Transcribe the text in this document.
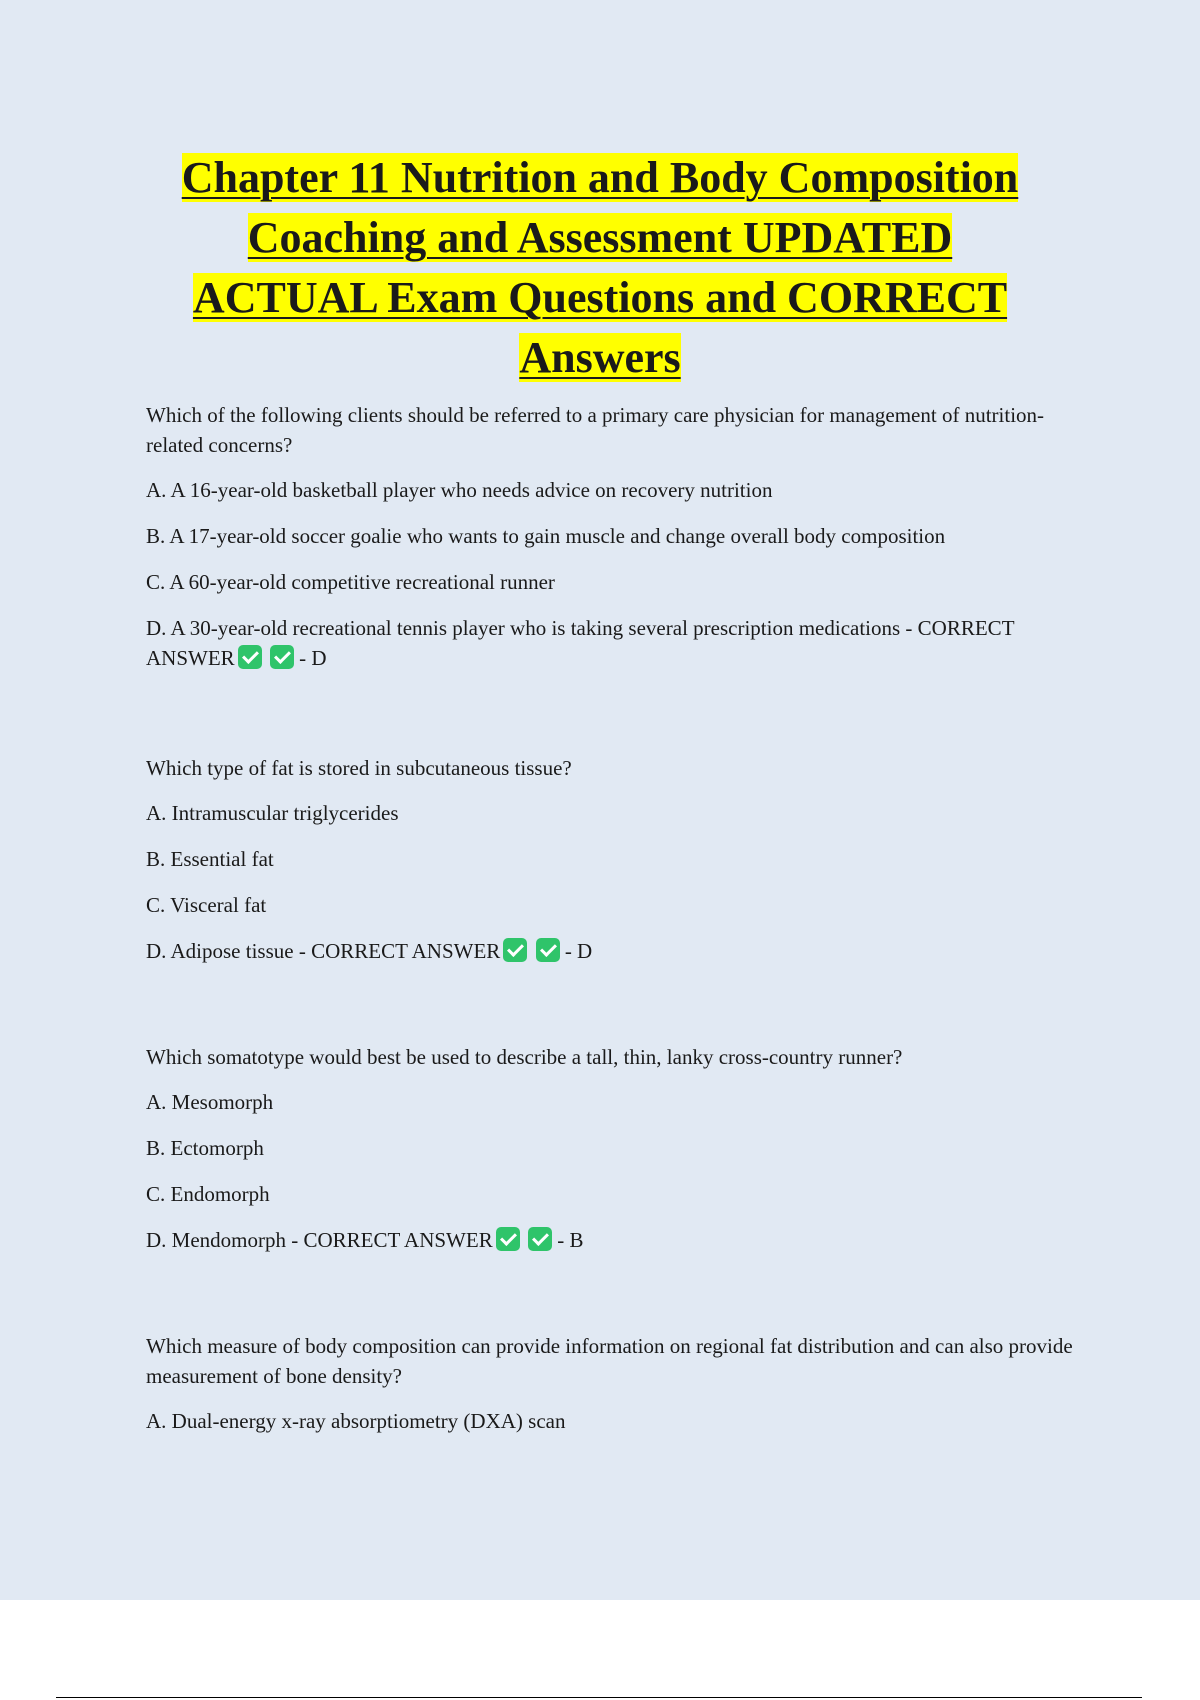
Chapter 11 Nutrition and Body Composition
Coaching and Assessment UPDATED
ACTUAL Exam Questions and CORRECT
Answers

Which of the following clients should be referred to a primary care physician for management of nutrition-related concerns?

A. A 16-year-old basketball player who needs advice on recovery nutrition

B. A 17-year-old soccer goalie who wants to gain muscle and change overall body composition

C. A 60-year-old competitive recreational runner

D. A 30-year-old recreational tennis player who is taking several prescription medications - CORRECT ANSWER	- D

Which type of fat is stored in subcutaneous tissue?

A. Intramuscular triglycerides

B. Essential fat

C. Visceral fat

D. Adipose tissue - CORRECT ANSWER	- D

Which somatotype would best be used to describe a tall, thin, lanky cross-country runner?

A. Mesomorph

B. Ectomorph

C. Endomorph

D. Mendomorph - CORRECT ANSWER	- B

Which measure of body composition can provide information on regional fat distribution and can also provide measurement of bone density?

A. Dual-energy x-ray absorptiometry (DXA) scan
